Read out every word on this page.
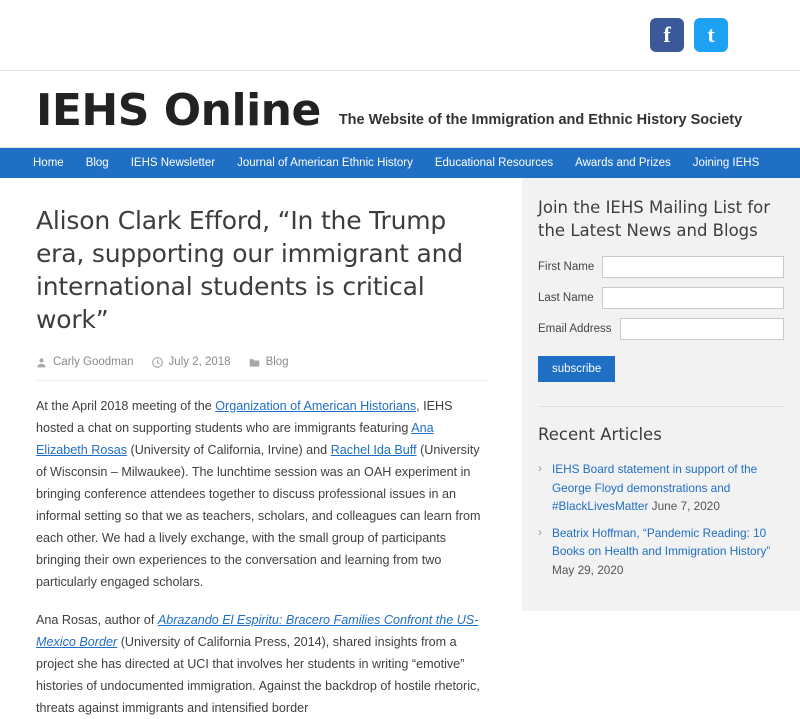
f t
IEHS Online The Website of the Immigration and Ethnic History Society
Home	Blog	IEHS Newsletter	Journal of American Ethnic History	Educational Resources	Awards and Prizes	Joining IEHS
Alison Clark Efford, “In the Trump era, supporting our immigrant and international students is critical work”
Carly Goodman	July 2, 2018	Blog

At the April 2018 meeting of the Organization of American Historians, IEHS hosted a chat on supporting students who are immigrants featuring Ana Elizabeth Rosas (University of California, Irvine) and Rachel Ida Buff (University of Wisconsin – Milwaukee). The lunchtime session was an OAH experiment in bringing conference attendees together to discuss professional issues in an informal setting so that we as teachers, scholars, and colleagues can learn from each other. We had a lively exchange, with the small group of participants bringing their own experiences to the conversation and learning from two particularly engaged scholars.

Ana Rosas, author of Abrazando El Espiritu: Bracero Families Confront the US-Mexico Border (University of California Press, 2014), shared insights from a project she has directed at UCI that involves her students in writing “emotive” histories of undocumented immigration. Against the backdrop of hostile rhetoric, threats against immigrants and intensified border

Join the IEHS Mailing List for the Latest News and Blogs
First Name
Last Name
Email Address
subscribe
Recent Articles
› IEHS Board statement in support of the George Floyd demonstrations and #BlackLivesMatter June 7, 2020
› Beatrix Hoffman, “Pandemic Reading: 10 Books on Health and Immigration History” May 29, 2020
